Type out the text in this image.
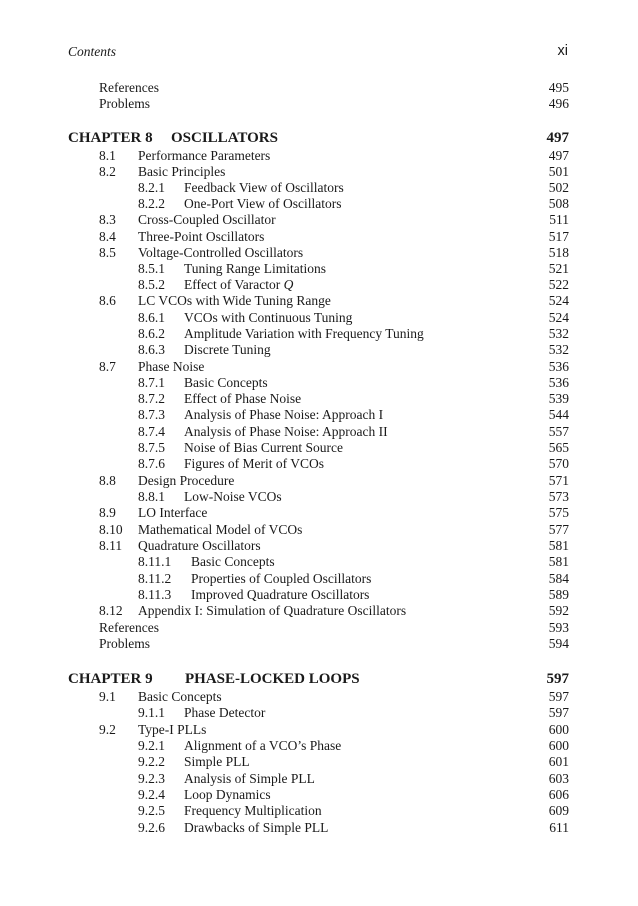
Contents	xi
References	495
Problems	496
CHAPTER 8 OSCILLATORS	497
8.1 Performance Parameters	497
8.2 Basic Principles	501
8.2.1 Feedback View of Oscillators	502
8.2.2 One-Port View of Oscillators	508
8.3 Cross-Coupled Oscillator	511
8.4 Three-Point Oscillators	517
8.5 Voltage-Controlled Oscillators	518
8.5.1 Tuning Range Limitations	521
8.5.2 Effect of Varactor Q	522
8.6 LC VCOs with Wide Tuning Range	524
8.6.1 VCOs with Continuous Tuning	524
8.6.2 Amplitude Variation with Frequency Tuning	532
8.6.3 Discrete Tuning	532
8.7 Phase Noise	536
8.7.1 Basic Concepts	536
8.7.2 Effect of Phase Noise	539
8.7.3 Analysis of Phase Noise: Approach I	544
8.7.4 Analysis of Phase Noise: Approach II	557
8.7.5 Noise of Bias Current Source	565
8.7.6 Figures of Merit of VCOs	570
8.8 Design Procedure	571
8.8.1 Low-Noise VCOs	573
8.9 LO Interface	575
8.10 Mathematical Model of VCOs	577
8.11 Quadrature Oscillators	581
8.11.1 Basic Concepts	581
8.11.2 Properties of Coupled Oscillators	584
8.11.3 Improved Quadrature Oscillators	589
8.12 Appendix I: Simulation of Quadrature Oscillators	592
References	593
Problems	594
CHAPTER 9 PHASE-LOCKED LOOPS	597
9.1 Basic Concepts	597
9.1.1 Phase Detector	597
9.2 Type-I PLLs	600
9.2.1 Alignment of a VCO’s Phase	600
9.2.2 Simple PLL	601
9.2.3 Analysis of Simple PLL	603
9.2.4 Loop Dynamics	606
9.2.5 Frequency Multiplication	609
9.2.6 Drawbacks of Simple PLL	611
